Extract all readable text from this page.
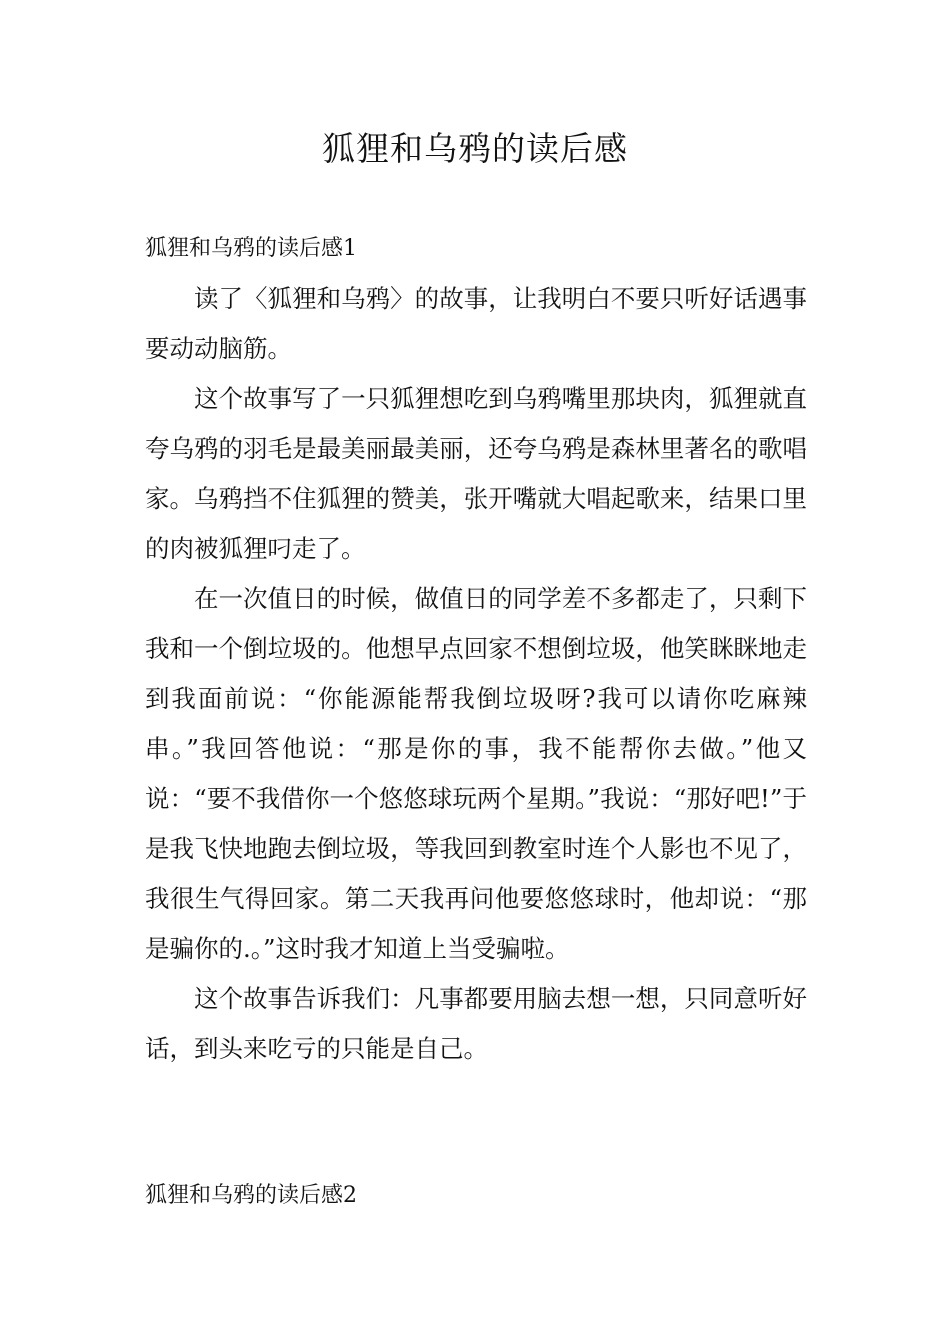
狐狸和乌鸦的读后感
狐狸和乌鸦的读后感1

读了〈狐狸和乌鸦〉的故事，让我明白不要只听好话遇事要动动脑筋。

这个故事写了一只狐狸想吃到乌鸦嘴里那块肉，狐狸就直夸乌鸦的羽毛是最美丽最美丽，还夸乌鸦是森林里著名的歌唱家。乌鸦挡不住狐狸的赞美，张开嘴就大唱起歌来，结果口里的肉被狐狸叼走了。

在一次值日的时候，做值日的同学差不多都走了，只剩下我和一个倒垃圾的。他想早点回家不想倒垃圾，他笑眯眯地走到我面前说：“你能源能帮我倒垃圾呀?我可以请你吃麻辣串。”我回答他说：“那是你的事，我不能帮你去做。”他又说：“要不我借你一个悠悠球玩两个星期。”我说：“那好吧!”于是我飞快地跑去倒垃圾，等我回到教室时连个人影也不见了，我很生气得回家。第二天我再问他要悠悠球时，他却说：“那是骗你的.。”这时我才知道上当受骗啦。

这个故事告诉我们：凡事都要用脑去想一想，只同意听好话，到头来吃亏的只能是自己。

狐狸和乌鸦的读后感2
